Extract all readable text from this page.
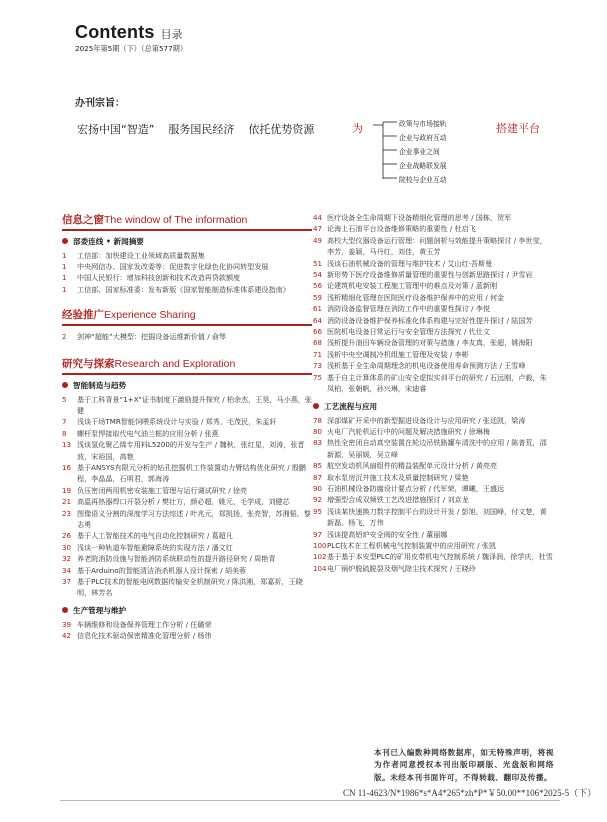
Contents 目录
2025年第5期（下）（总第577期）
办刊宗旨：
宏扬中国“智造” 服务国民经济 依托优势资源	为	政策与市场接轨
企业与政府互动
企业事业之间
企业战略联发展
院校与企业互动
搭建平台
信息之窗The window of The information
部委连线 • 新闻摘要
1	工信部：加快建设工业领域高质量数据集
1	中央网信办、国家发改委等：促进数字化绿色化协同转型发展
1	中国人民银行：增加科技创新和技术改造再贷款额度
1	工信部、国家标准委：发布新版《国家智能制造标准体系建设指南》
经验推广Experience Sharing
2	剑神“超能”大模型：挖掘设备运维新价值 / 俞琴
研究与探索Research and Exploration
智能制造与趋势
5	基于工科背景“1+X”证书制度下激励提升探究 / 柏余杰，王昊，马小燕，张健
7	浅谈干场TMR智能饲喂系统设计与实验 / 郑秀，毛茂民，朱孟轩
8	螺杆泵悍接取代电气油兰框的应用分析 / 张燕
13 浅谈氢化聚乙烯专用料L5200的开发与生产 / 魏秋，张红星，刘涛，张晋波，宋裕国，高艳
16 基于ANSYS有限元分析的钻孔挖掘机工作装置动力臂结构优化研究 / 殷鹏程，李晶晶，石明君，郭海涛
19 负压密闭两用机密安装施工管理与运行调试研究 / 徐亮
21 高温再热器焊口开裂分析 / 樊壮方，颜必超，姚元，毛学成，刘健芯
23 图像语义分割的深度学习方法综述 / 叶兆元，郑凯扬，张亮智，苏湘韬，黎志勇
26 基于人工智能技术的电气自动化控制研究 / 葛超凡
30 浅谈一种轨道车智能避障系统的实现方法 / 潘文红
32 养老院消防设施与智能消防系统联动性的提升路径研究 / 周艳青
34 基于Arduino的智能清洁消杀机器人设计探索 / 胡美蓉
37 基于PLC技术的智能电网数据传输安全机制研究 / 陈洪湘，郑嘉祈，王晓明，林芳名
生产管理与维护
39 车辆维修和设备保养管理工作分析 / 任璐荣
42 信息化技术驱动保密精准化管理分析 / 杨伟
44 医疗设备全生命周期下设备精细化管理的思考 / 国栋，贺军
47 论海上石油平台设备维修策略的重要性 / 杜启飞
49 高校大型仪器设备运行管理：问题剖析与效能提升策略探讨 / 李世莹，李芳，姜颖，马丹红，刘佳，黄玉芳
51 浅谈石油机械设备的管理与维护技术 / 艾山红·吾斯曼
54 新形势下医疗设备维修质量管理的重要性与创新思路探讨 / 尹雪岩
56 论建筑机电安装工程施工管理中的难点及对策 / 蓝新刚
59 浅析精细化管理在医院医疗设备维护保养中的应用 / 何金
61 消防设备监督管理在消防工作中的重要性探讨 / 李悦
64 消防设备设备维护保养标准化体系构建与完好性提升探讨 / 陆国芳
66 医院机电设备日常运行与安全管理方法探究 / 代仕文
68 浅析提升油田车辆设备管理的对策与措施 / 李友真，张超，姚海阳
71 浅析中央空调制冷机组施工管理及安装 / 李彬
73 浅析基于全生命周期理念的机电设备使用寿命预测方法 / 王雪峰
75 基于自主计算体系的矿山安全虚拟实训平台的研究 / 石远刚，卢毅，朱凤柏，张朝帆，孙兴琳，宋迪睿
工艺流程与应用
78 深部煤矿开采中的新型掘进设备设计与应用研究 / 张廷凯，梁涛
80 火电厂汽轮机运行中的问题及解决措施研究 / 徐琳梅
83 热性全密闭自动真空装置在轮边吊铁路罐车清洗中的应用 / 陈普荒，邵新源，吴丽媛，吴立峰
85 航空发动机风扇组件的精益装配单元设计分析 / 黄亮亮
87 取水泵房沉井施工技术及质量控制研究 / 梁艳
90 石油机械设备防腐设计要点分析 / 代军荣，谭曦，王盛远
92 增强型合成双频铁工艺改进措施探讨 / 刘京龙
95 浅谈某快速换刀数字控制平台的设计开发 / 彭旭，刘国峰，付文楚，黄新磊，杨飞，万伟
97 浅谈提高铝炉安全阀的安全性 / 董丽娜
100 PLC技术在工程机械电气控制装置中的应用研究 / 张凯
102 基于基于本安型PLC的矿用皮带机电气控制系统 / 魏泽润，徐学庆，杜雪
104 电厂锅炉脱硫脱裂及烟气除尘技术探究 / 王晓玲
本刊已入编数种网络数据库，如无特殊声明，将视为作者同意授权本刊出版印刷版、光盘版和网络版。未经本刊书面许可，不得转载、翻印及传播。
CN 11-4623/N*1986*s*A4*265*zh*P*￥50.00**106*2025-5（下）
